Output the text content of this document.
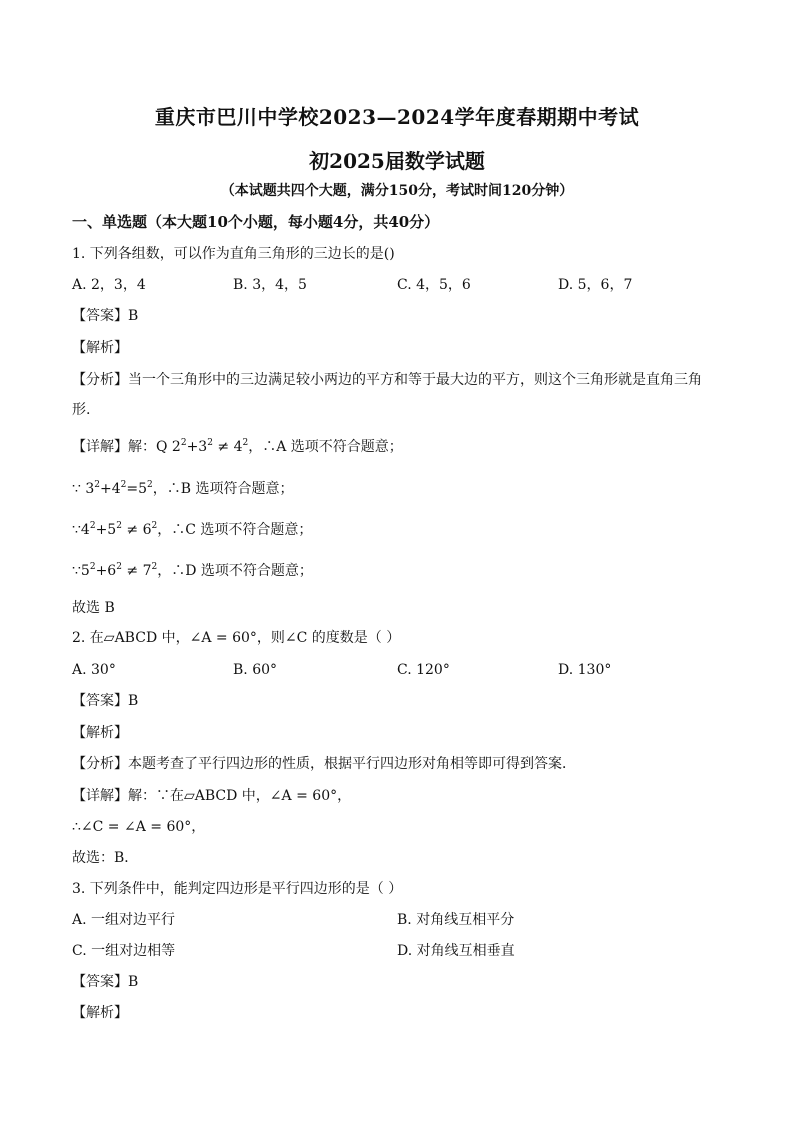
重庆市巴川中学校2023—2024学年度春期期中考试
初2025届数学试题
（本试题共四个大题，满分150分，考试时间120分钟）
一、单选题（本大题10个小题，每小题4分，共40分）
1. 下列各组数，可以作为直角三角形的三边长的是()
A. 2，3，4	B. 3，4，5	C. 4，5，6	D. 5，6，7
【答案】B
【解析】
【分析】当一个三角形中的三边满足较小两边的平方和等于最大边的平方，则这个三角形就是直角三角
形.
【详解】解：Q $2^2+3^2 \ne 4^2$，∴A 选项不符合题意；
∵ $3^2+4^2=5^2$，∴B 选项符合题意；
$\because 4^2+5^2 \ne 6^2$，∴C 选项不符合题意；
$\because 5^2+6^2 \ne 7^2$，∴D 选项不符合题意；
故选 B
2. 在▱ABCD 中，∠A = 60°，则∠C 的度数是（ ）
A. 30°	B. 60°	C. 120°	D. 130°
【答案】B
【解析】
【分析】本题考查了平行四边形的性质，根据平行四边形对角相等即可得到答案．
【详解】解：∵在▱ABCD 中，∠A = 60°，
∴∠C = ∠A = 60°，
故选：B．
3. 下列条件中，能判定四边形是平行四边形的是（ ）
A. 一组对边平行	B. 对角线互相平分
C. 一组对边相等	D. 对角线互相垂直
【答案】B
【解析】
